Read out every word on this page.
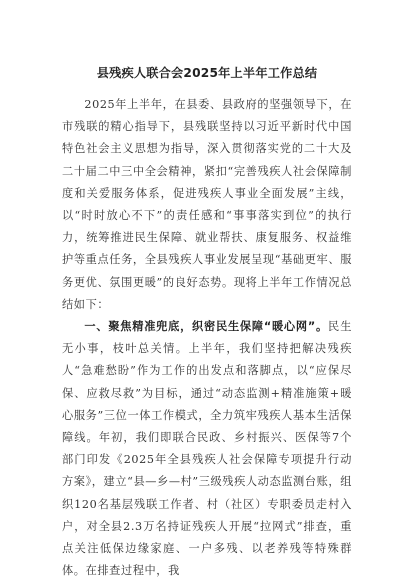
县残疾人联合会2025年上半年工作总结

2025年上半年，在县委、县政府的坚强领导下，在市残联的精心指导下，县残联坚持以习近平新时代中国特色社会主义思想为指导，深入贯彻落实党的二十大及二十届二中三中全会精神，紧扣“完善残疾人社会保障制度和关爱服务体系，促进残疾人事业全面发展”主线，以“时时放心不下”的责任感和“事事落实到位”的执行力，统筹推进民生保障、就业帮扶、康复服务、权益维护等重点任务，全县残疾人事业发展呈现“基础更牢、服务更优、氛围更暖”的良好态势。现将上半年工作情况总结如下：

一、聚焦精准兜底，织密民生保障“暖心网”。民生无小事，枝叶总关情。上半年，我们坚持把解决残疾人“急难愁盼”作为工作的出发点和落脚点，以“应保尽保、应救尽救”为目标，通过“动态监测+精准施策+暖心服务”三位一体工作模式，全力筑牢残疾人基本生活保障线。年初，我们即联合民政、乡村振兴、医保等7个部门印发《2025年全县残疾人社会保障专项提升行动方案》，建立“县—乡—村”三级残疾人动态监测台账，组织120名基层残联工作者、村（社区）专职委员走村入户，对全县2.3万名持证残疾人开展“拉网式”排查，重点关注低保边缘家庭、一户多残、以老养残等特殊群体。在排查过程中，我
